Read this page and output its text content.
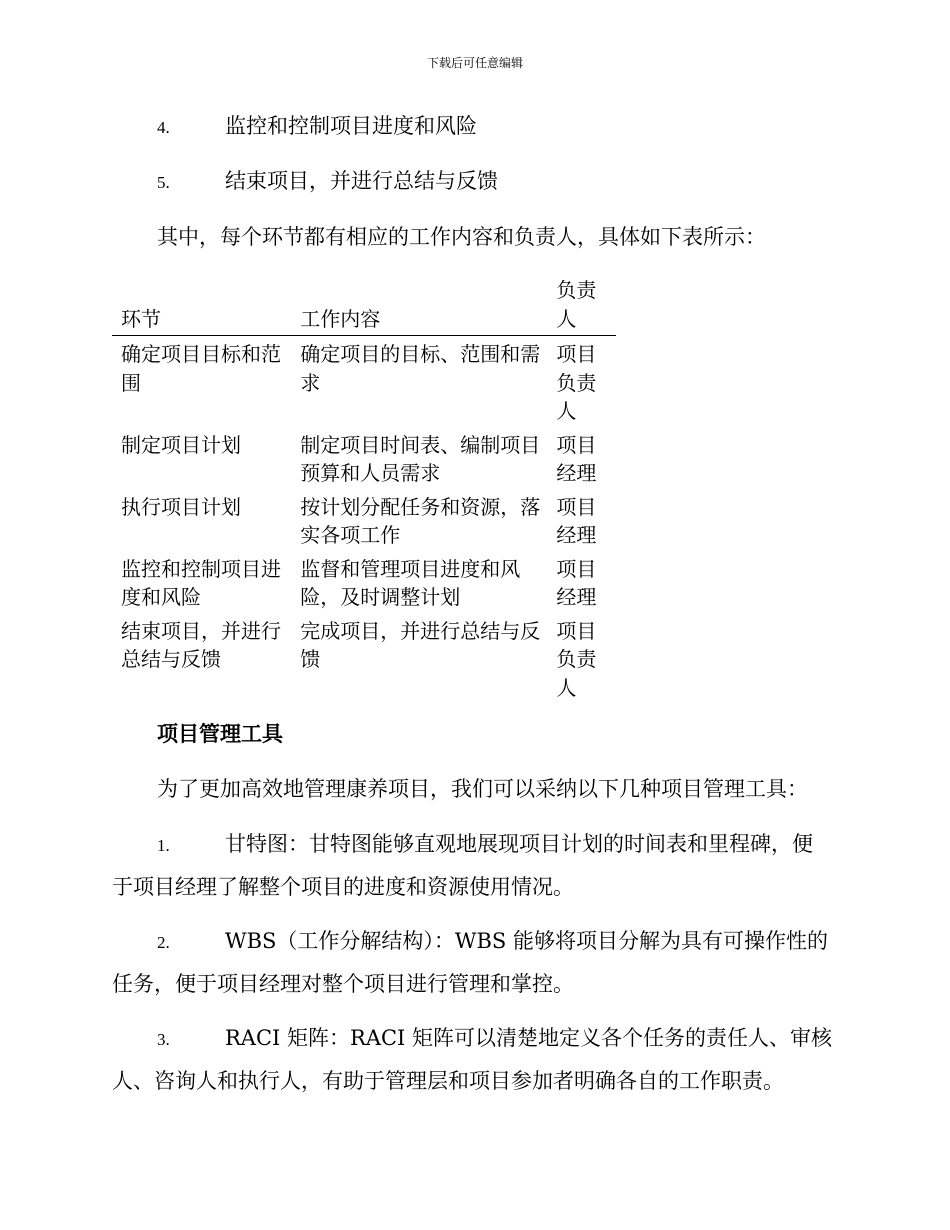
下载后可任意编辑
4.	监控和控制项目进度和风险
5.	结束项目，并进行总结与反馈
其中，每个环节都有相应的工作内容和负责人，具体如下表所示：
环节	工作内容	负责人

确定项目目标和范围	确定项目的目标、范围和需求	项目负责人

制定项目计划	制定项目时间表、编制项目预算和人员需求	项目经理

执行项目计划	按计划分配任务和资源，落实各项工作	项目经理

监控和控制项目进度和风险	监督和管理项目进度和风险，及时调整计划	项目经理

结束项目，并进行总结与反馈	完成项目，并进行总结与反馈	项目负责人
项目管理工具
为了更加高效地管理康养项目，我们可以采纳以下几种项目管理工具：
1.	甘特图：甘特图能够直观地展现项目计划的时间表和里程碑，便
于项目经理了解整个项目的进度和资源使用情况。
2.	WBS（工作分解结构）：WBS 能够将项目分解为具有可操作性的
任务，便于项目经理对整个项目进行管理和掌控。
3.	RACI 矩阵：RACI 矩阵可以清楚地定义各个任务的责任人、审核
人、咨询人和执行人，有助于管理层和项目参加者明确各自的工作职责。
